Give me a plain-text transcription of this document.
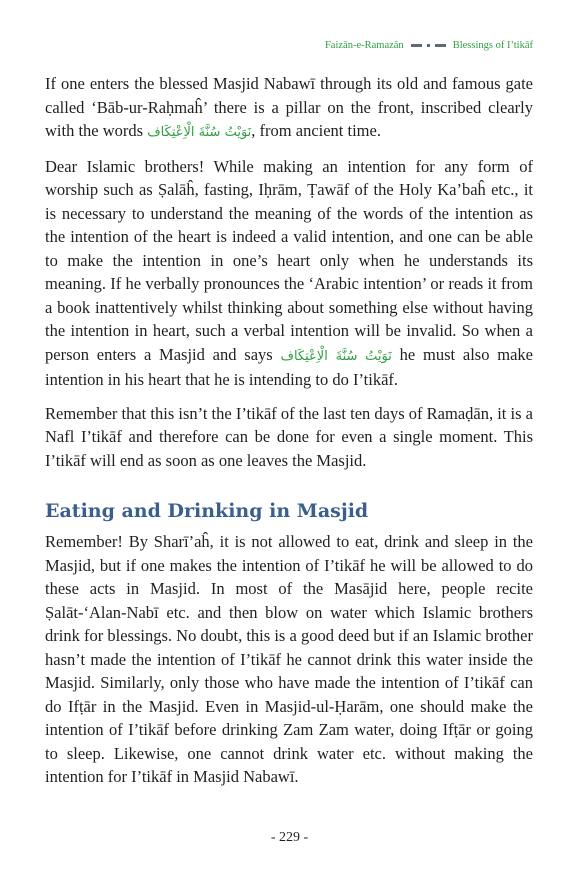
Faizān-e-Ramazān	Blessings of I’tikāf

If one enters the blessed Masjid Nabawī through its old and famous gate called ‘Bāb-ur-Raḥmaĥ’ there is a pillar on the front, inscribed clearly with the words نَوَيْتُ سُنَّةَ الْاِعْتِكَاف, from ancient time.

Dear Islamic brothers! While making an intention for any form of worship such as Ṣalāĥ, fasting, Iḥrām, Ṭawāf of the Holy Ka’baĥ etc., it is necessary to understand the meaning of the words of the intention as the intention of the heart is indeed a valid intention, and one can be able to make the intention in one’s heart only when he understands its meaning. If he verbally pronounces the ‘Arabic intention’ or reads it from a book inattentively whilst thinking about something else without having the intention in heart, such a verbal intention will be invalid. So when a person enters a Masjid and says نَوَيْتُ سُنَّةَ الْاِعْتِكَاف he must also make intention in his heart that he is intending to do I’tikāf.

Remember that this isn’t the I’tikāf of the last ten days of Ramaḍān, it is a Nafl I’tikāf and therefore can be done for even a single moment. This I’tikāf will end as soon as one leaves the Masjid.

Eating and Drinking in Masjid

Remember! By Sharī’aĥ, it is not allowed to eat, drink and sleep in the Masjid, but if one makes the intention of I’tikāf he will be allowed to do these acts in Masjid. In most of the Masājid here, people recite Ṣalāt-‘Alan-Nabī etc. and then blow on water which Islamic brothers drink for blessings. No doubt, this is a good deed but if an Islamic brother hasn’t made the intention of I’tikāf he cannot drink this water inside the Masjid. Similarly, only those who have made the intention of I’tikāf can do Ifṭār in the Masjid. Even in Masjid-ul-Ḥarām, one should make the intention of I’tikāf before drinking Zam Zam water, doing Ifṭār or going to sleep. Likewise, one cannot drink water etc. without making the intention for I’tikāf in Masjid Nabawī.

- 229 -
